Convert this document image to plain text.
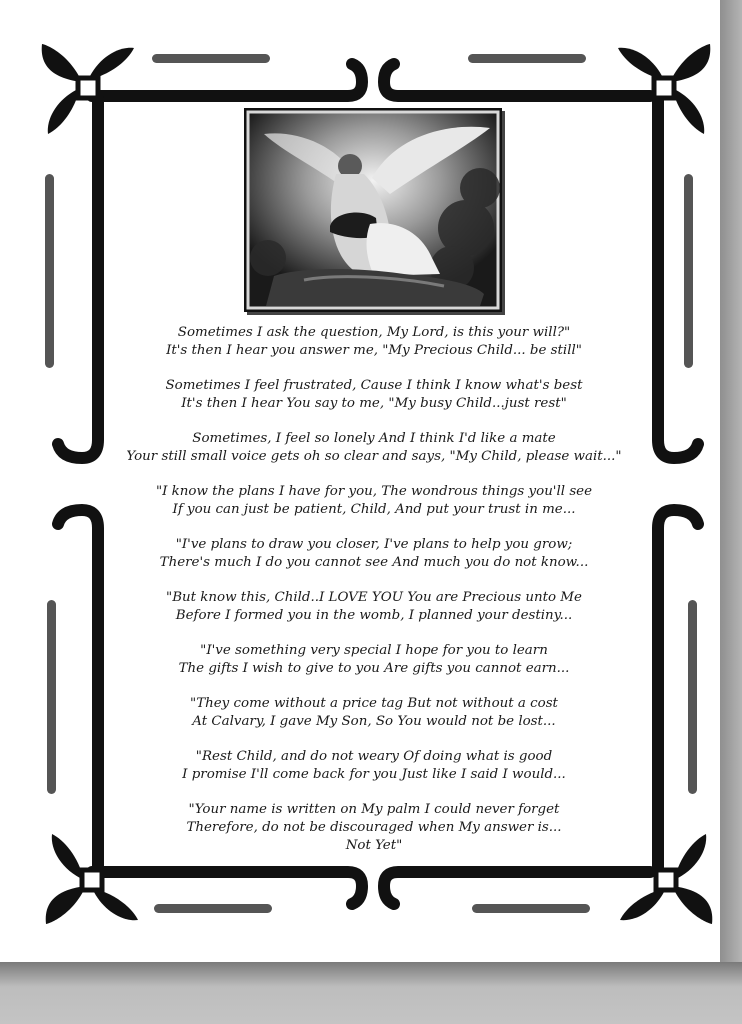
Sometimes I ask the question, My Lord, is this your will?"
It's then I hear you answer me, "My Precious Child... be still"
Sometimes I feel frustrated, Cause I think I know what's best
It's then I hear You say to me, "My busy Child...just rest"
Sometimes, I feel so lonely And I think I'd like a mate
Your still small voice gets oh so clear and says, "My Child, please wait..."
"I know the plans I have for you, The wondrous things you'll see
If you can just be patient, Child, And put your trust in me...
"I've plans to draw you closer, I've plans to help you grow;
There's much I do you cannot see And much you do not know...
"But know this, Child..I LOVE YOU You are Precious unto Me
Before I formed you in the womb, I planned your destiny...
"I've something very special I hope for you to learn
The gifts I wish to give to you Are gifts you cannot earn...
"They come without a price tag But not without a cost
At Calvary, I gave My Son, So You would not be lost...
"Rest Child, and do not weary Of doing what is good
I promise I'll come back for you Just like I said I would...
"Your name is written on My palm I could never forget
Therefore, do not be discouraged when My answer is...
Not Yet"
